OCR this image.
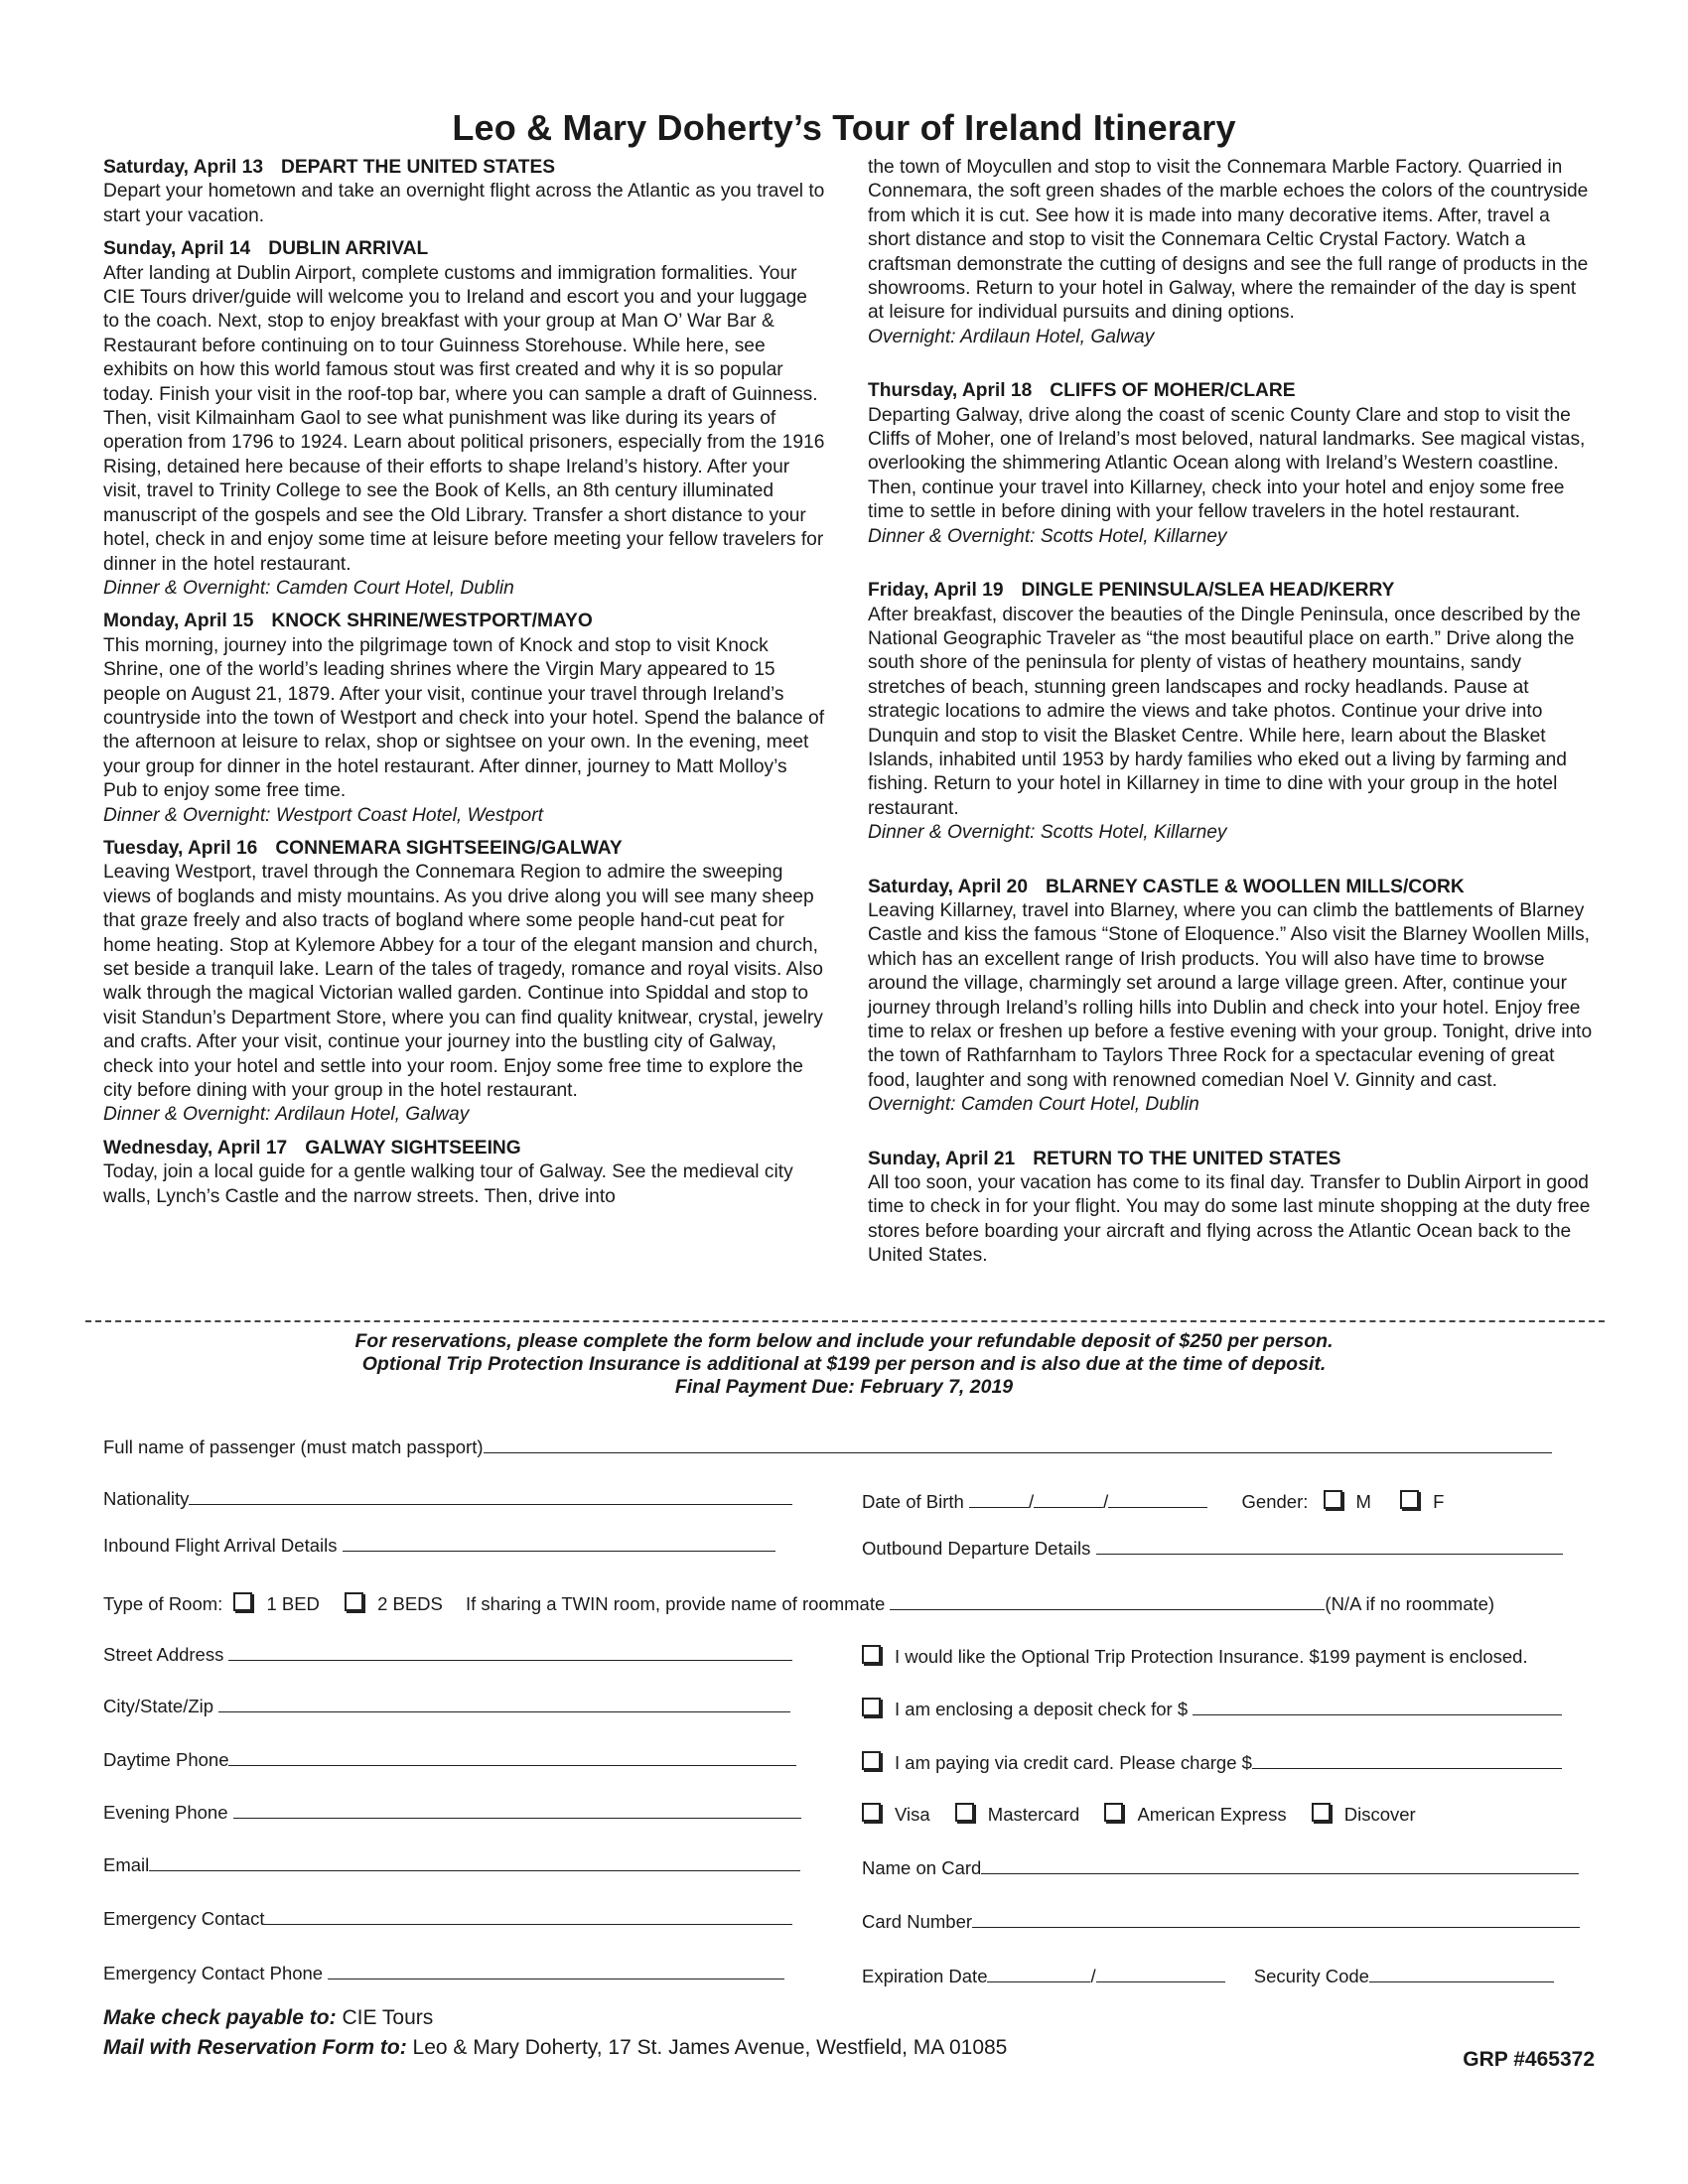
Leo & Mary Doherty’s Tour of Ireland Itinerary
Saturday, April 13 DEPART THE UNITED STATES
Depart your hometown and take an overnight flight across the Atlantic as you travel to start your vacation.
Sunday, April 14 DUBLIN ARRIVAL
After landing at Dublin Airport, complete customs and immigration formalities. Your CIE Tours driver/guide will welcome you to Ireland and escort you and your luggage to the coach. Next, stop to enjoy breakfast with your group at Man O’ War Bar & Restaurant before continuing on to tour Guinness Storehouse. While here, see exhibits on how this world famous stout was first created and why it is so popular today. Finish your visit in the roof-top bar, where you can sample a draft of Guinness. Then, visit Kilmainham Gaol to see what punishment was like during its years of operation from 1796 to 1924. Learn about political prisoners, especially from the 1916 Rising, detained here because of their efforts to shape Ireland’s history. After your visit, travel to Trinity College to see the Book of Kells, an 8th century illuminated manuscript of the gospels and see the Old Library. Transfer a short distance to your hotel, check in and enjoy some time at leisure before meeting your fellow travelers for dinner in the hotel restaurant.
Dinner & Overnight: Camden Court Hotel, Dublin
Monday, April 15 KNOCK SHRINE/WESTPORT/MAYO
This morning, journey into the pilgrimage town of Knock and stop to visit Knock Shrine, one of the world’s leading shrines where the Virgin Mary appeared to 15 people on August 21, 1879. After your visit, continue your travel through Ireland’s countryside into the town of Westport and check into your hotel. Spend the balance of the afternoon at leisure to relax, shop or sightsee on your own. In the evening, meet your group for dinner in the hotel restaurant. After dinner, journey to Matt Molloy’s Pub to enjoy some free time.
Dinner & Overnight: Westport Coast Hotel, Westport
Tuesday, April 16 CONNEMARA SIGHTSEEING/GALWAY
Leaving Westport, travel through the Connemara Region to admire the sweeping views of boglands and misty mountains. As you drive along you will see many sheep that graze freely and also tracts of bogland where some people hand-cut peat for home heating. Stop at Kylemore Abbey for a tour of the elegant mansion and church, set beside a tranquil lake. Learn of the tales of tragedy, romance and royal visits. Also walk through the magical Victorian walled garden. Continue into Spiddal and stop to visit Standun’s Department Store, where you can find quality knitwear, crystal, jewelry and crafts. After your visit, continue your journey into the bustling city of Galway, check into your hotel and settle into your room. Enjoy some free time to explore the city before dining with your group in the hotel restaurant.
Dinner & Overnight: Ardilaun Hotel, Galway
Wednesday, April 17 GALWAY SIGHTSEEING
Today, join a local guide for a gentle walking tour of Galway. See the medieval city walls, Lynch’s Castle and the narrow streets. Then, drive into
the town of Moycullen and stop to visit the Connemara Marble Factory. Quarried in Connemara, the soft green shades of the marble echoes the colors of the countryside from which it is cut. See how it is made into many decorative items. After, travel a short distance and stop to visit the Connemara Celtic Crystal Factory. Watch a craftsman demonstrate the cutting of designs and see the full range of products in the showrooms. Return to your hotel in Galway, where the remainder of the day is spent at leisure for individual pursuits and dining options.
Overnight: Ardilaun Hotel, Galway
Thursday, April 18 CLIFFS OF MOHER/CLARE
Departing Galway, drive along the coast of scenic County Clare and stop to visit the Cliffs of Moher, one of Ireland’s most beloved, natural landmarks. See magical vistas, overlooking the shimmering Atlantic Ocean along with Ireland’s Western coastline. Then, continue your travel into Killarney, check into your hotel and enjoy some free time to settle in before dining with your fellow travelers in the hotel restaurant.
Dinner & Overnight: Scotts Hotel, Killarney
Friday, April 19 DINGLE PENINSULA/SLEA HEAD/KERRY
After breakfast, discover the beauties of the Dingle Peninsula, once described by the National Geographic Traveler as “the most beautiful place on earth.” Drive along the south shore of the peninsula for plenty of vistas of heathery mountains, sandy stretches of beach, stunning green landscapes and rocky headlands. Pause at strategic locations to admire the views and take photos. Continue your drive into Dunquin and stop to visit the Blasket Centre. While here, learn about the Blasket Islands, inhabited until 1953 by hardy families who eked out a living by farming and fishing. Return to your hotel in Killarney in time to dine with your group in the hotel restaurant.
Dinner & Overnight: Scotts Hotel, Killarney
Saturday, April 20 BLARNEY CASTLE & WOOLLEN MILLS/CORK
Leaving Killarney, travel into Blarney, where you can climb the battlements of Blarney Castle and kiss the famous “Stone of Eloquence.” Also visit the Blarney Woollen Mills, which has an excellent range of Irish products. You will also have time to browse around the village, charmingly set around a large village green. After, continue your journey through Ireland’s rolling hills into Dublin and check into your hotel. Enjoy free time to relax or freshen up before a festive evening with your group. Tonight, drive into the town of Rathfarnham to Taylors Three Rock for a spectacular evening of great food, laughter and song with renowned comedian Noel V. Ginnity and cast.
Overnight: Camden Court Hotel, Dublin
Sunday, April 21 RETURN TO THE UNITED STATES
All too soon, your vacation has come to its final day. Transfer to Dublin Airport in good time to check in for your flight. You may do some last minute shopping at the duty free stores before boarding your aircraft and flying across the Atlantic Ocean back to the United States.
For reservations, please complete the form below and include your refundable deposit of $250 per person.
Optional Trip Protection Insurance is additional at $199 per person and is also due at the time of deposit.
Final Payment Due: February 7, 2019
Full name of passenger (must match passport)
Nationality	Date of Birth	/	/	Gender:	M	F
Inbound Flight Arrival Details	Outbound Departure Details
Type of Room: 1 BED	2 BEDS If sharing a TWIN room, provide name of roommate	(N/A if no roommate)
Street Address	I would like the Optional Trip Protection Insurance. $199 payment is enclosed.
City/State/Zip	I am enclosing a deposit check for $
Daytime Phone	I am paying via credit card. Please charge $
Evening Phone	Visa	Mastercard	American Express	Discover
Email	Name on Card
Emergency Contact	Card Number
Emergency Contact Phone	Expiration Date	/	Security Code
Make check payable to: CIE Tours
Mail with Reservation Form to: Leo & Mary Doherty, 17 St. James Avenue, Westfield, MA 01085
GRP #465372
